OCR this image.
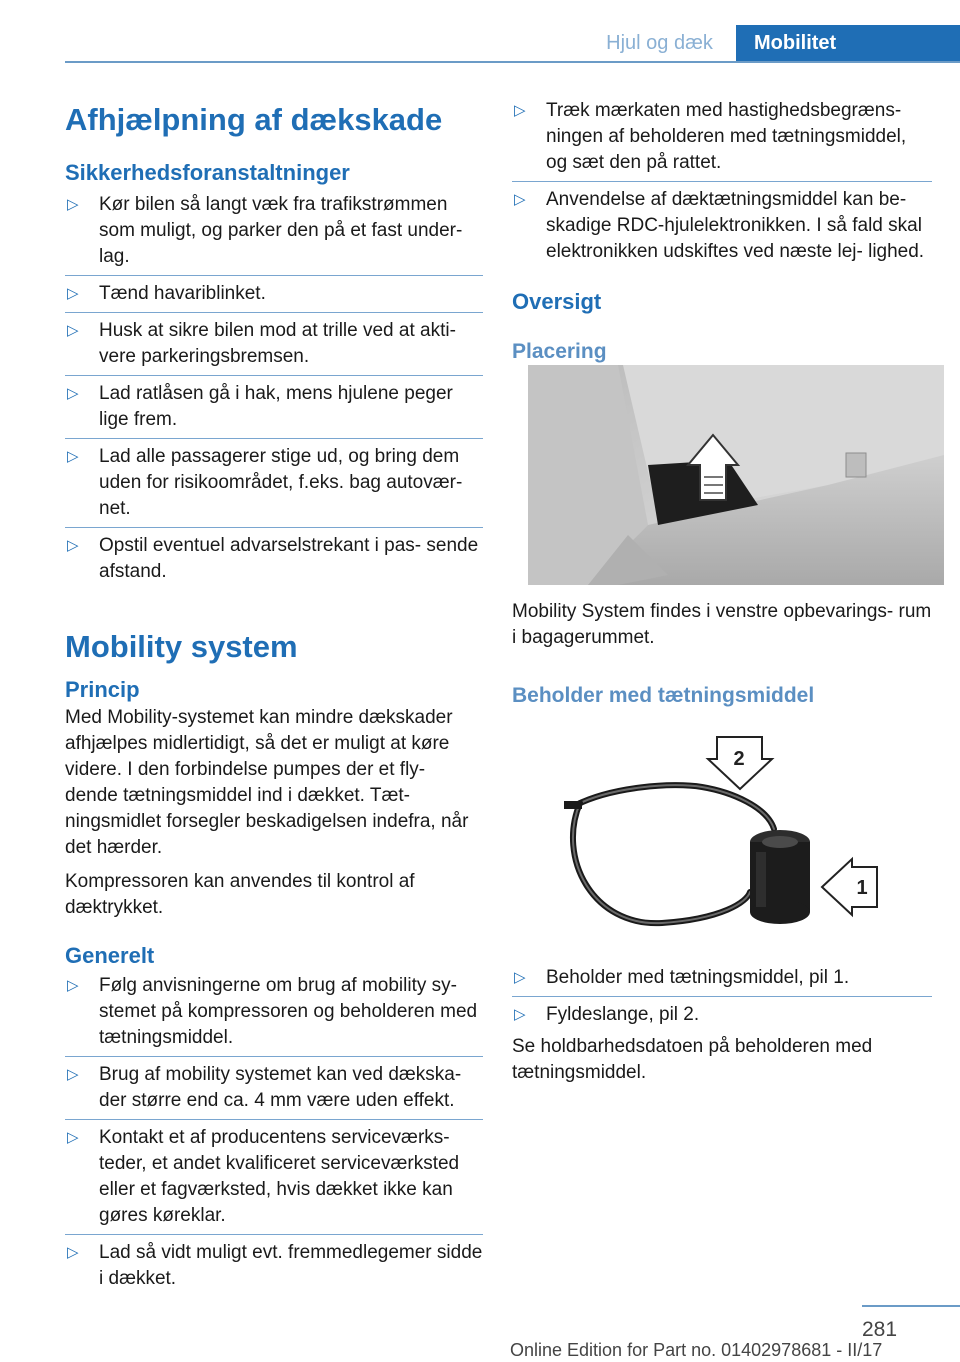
Hjul og dæk	Mobilitet
Afhjælpning af dækskade
Sikkerhedsforanstaltninger
▷ Kør bilen så langt væk fra trafikstrømmen som muligt, og parker den på et fast under- lag.
▷ Tænd havariblinket.
▷ Husk at sikre bilen mod at trille ved at akti- vere parkeringsbremsen.
▷ Lad ratlåsen gå i hak, mens hjulene peger lige frem.
▷ Lad alle passagerer stige ud, og bring dem uden for risikoområdet, f.eks. bag autovær- net.
▷ Opstil eventuel advarselstrekant i pas- sende afstand.
Mobility system
Princip

Med Mobility-systemet kan mindre dækskader afhjælpes midlertidigt, så det er muligt at køre videre. I den forbindelse pumpes der et fly- dende tætningsmiddel ind i dækket. Tæt- ningsmidlet forsegler beskadigelsen indefra, når det hærder.

Kompressoren kan anvendes til kontrol af dæktrykket.

Generelt
▷ Følg anvisningerne om brug af mobility sy- stemet på kompressoren og beholderen med tætningsmiddel.
▷ Brug af mobility systemet kan ved dækska- der større end ca. 4 mm være uden effekt.
▷ Kontakt et af producentens serviceværks- teder, et andet kvalificeret serviceværksted eller et fagværksted, hvis dækket ikke kan gøres køreklar.
▷ Lad så vidt muligt evt. fremmedlegemer sidde i dækket.
▷ Træk mærkaten med hastighedsbegræns- ningen af beholderen med tætningsmiddel, og sæt den på rattet.
▷ Anvendelse af dæktætningsmiddel kan be- skadige RDC-hjulelektronikken. I så fald skal elektronikken udskiftes ved næste lej- lighed.
Oversigt
Placering

Mobility System findes i venstre opbevarings- rum i bagagerummet.

Beholder med tætningsmiddel
2
1
▷ Beholder med tætningsmiddel, pil 1.
▷ Fyldeslange, pil 2.

Se holdbarhedsdatoen på beholderen med tætningsmiddel.

281
Online Edition for Part no. 01402978681 - II/17
